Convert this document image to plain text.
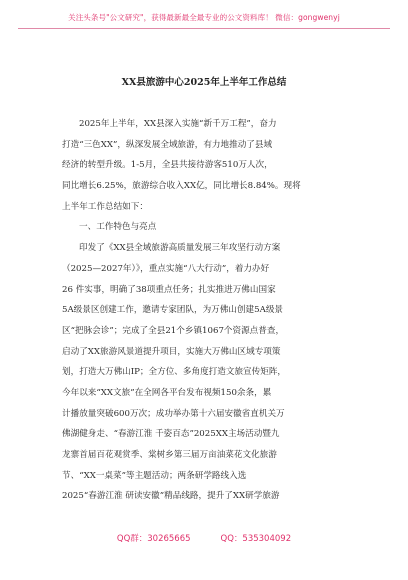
关注头条号"公文研究"，获得最新最全最专业的公文资料库！ 微信：gongwenyj
XX县旅游中心2025年上半年工作总结
2025年上半年，XX县深入实施“新千万工程”，奋力
打造“三色XX”，纵深发展全域旅游，有力地推动了县域
经济的转型升级。1-5月，全县共接待游客510万人次，
同比增长6.25%，旅游综合收入XX亿，同比增长8.84%。现将
上半年工作总结如下：
一、工作特色与亮点
印发了《XX县全域旅游高质量发展三年攻坚行动方案
（2025—2027年）》，重点实施“八大行动”，着力办好
26 件实事，明确了38项重点任务；扎实推进万佛山国家
5A级景区创建工作，邀请专家团队，为万佛山创建5A级景
区“把脉会诊”；完成了全县21个乡镇1067个资源点普查，
启动了XX旅游风景道提升项目，实施大万佛山区域专项策
划，打造大万佛山IP；全方位、多角度打造文旅宣传矩阵，
今年以来“XX文旅”在全网各平台发布视频150余条，累
计播放量突破600万次；成功举办第十六届安徽省直机关万
佛湖健身走、“春游江淮 千姿百态”2025XX主场活动暨九
龙寨首届百花观赏季、棠树乡第三届万亩油菜花文化旅游
节、“XX一桌菜”等主题活动；两条研学路线入选
2025“春游江淮 研读安徽”精品线路，提升了XX研学旅游
QQ群：30265665	QQ：535304092
